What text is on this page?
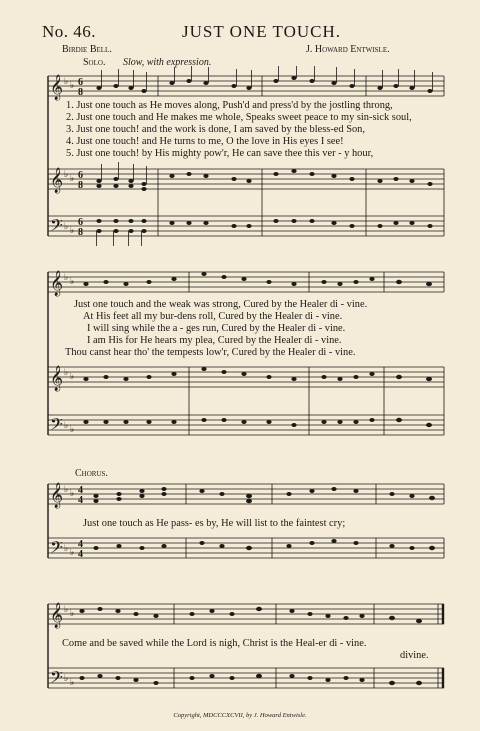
No. 46.	JUST ONE TOUCH.
Birdie Bell.	J. Howard Entwisle.
Solo. Slow, with expression.
𝄞
𝄞
𝄢
♭ ♭
♭ ♭
♭ ♭
6
8
6
8
6
8
1. Just one touch as He moves along, Push'd and press'd by the jostling throng,
2. Just one touch and He makes me whole, Speaks sweet peace to my sin-sick soul,
3. Just one touch! and the work is done, I am saved by the bless-ed Son,
4. Just one touch! and He turns to me, O the love in His eyes I see!
5. Just one touch! by His mighty pow'r, He can save thee this ver - y hour,
𝄞
𝄞
𝄢
♭ ♭
♭ ♭
♭ ♭
Just one touch and the weak was strong, Cured by the Healer di - vine.
At His feet all my bur-dens roll, Cured by the Healer di - vine.
I will sing while the a - ges run, Cured by the Healer di - vine.
I am His for He hears my plea, Cured by the Healer di - vine.
Thou canst hear tho' the tempests low'r, Cured by the Healer di - vine.
Chorus.
𝄞
𝄢
♭ ♭
♭ ♭
4
4
4
4
Just one touch as He pass- es by, He will list to the faintest cry;
𝄞
𝄢
♭ ♭
♭ ♭
Come and be saved while the Lord is nigh, Christ is the Heal-er di - vine.
divine.
Copyright, MDCCCXCVII, by J. Howard Entwisle.
